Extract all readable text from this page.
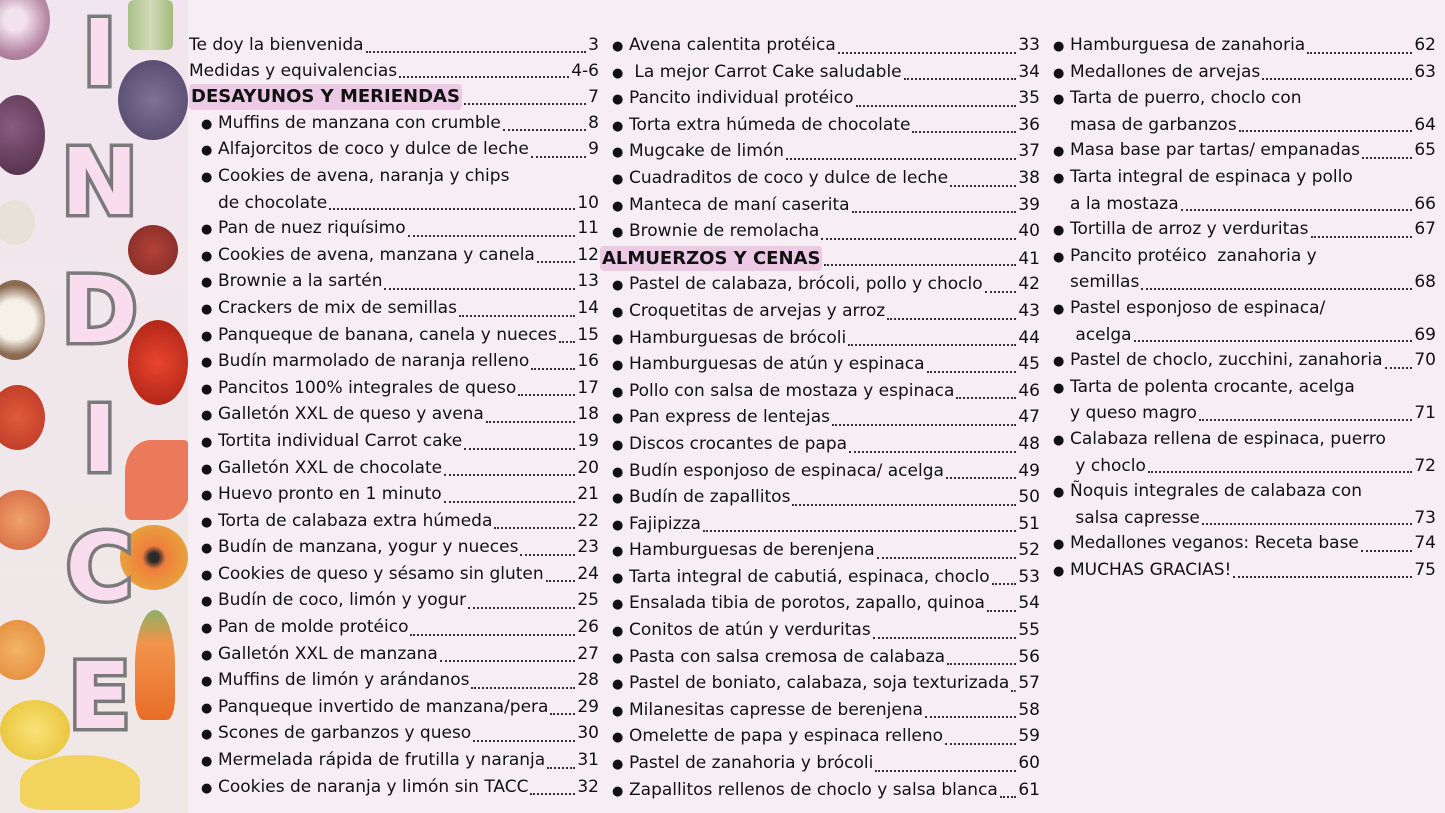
I
N
D
I
C
E
Te doy la bienvenida	3
Medidas y equivalencias	4-6
DESAYUNOS Y MERIENDAS	7
● Muffins de manzana con crumble	8
● Alfajorcitos de coco y dulce de leche	9
● Cookies de avena, naranja y chips
de chocolate	10
● Pan de nuez riquísimo	11
● Cookies de avena, manzana y canela	12
● Brownie a la sartén	13
● Crackers de mix de semillas	14
● Panqueque de banana, canela y nueces 15
● Budín marmolado de naranja relleno	16
● Pancitos 100% integrales de queso	17
● Galletón XXL de queso y avena	18
● Tortita individual Carrot cake	19
● Galletón XXL de chocolate	20
● Huevo pronto en 1 minuto	21
● Torta de calabaza extra húmeda	22
● Budín de manzana, yogur y nueces	23
● Cookies de queso y sésamo sin gluten 24
● Budín de coco, limón y yogur	25
● Pan de molde protéico	26
● Galletón XXL de manzana	27
● Muffins de limón y arándanos	28
● Panqueque invertido de manzana/pera 29
● Scones de garbanzos y queso	30
● Mermelada rápida de frutilla y naranja 31
● Cookies de naranja y limón sin TACC	32
● Avena calentita protéica	33
● La mejor Carrot Cake saludable	34
● Pancito individual protéico	35
● Torta extra húmeda de chocolate	36
● Mugcake de limón	37
● Cuadraditos de coco y dulce de leche	38
● Manteca de maní caserita	39
● Brownie de remolacha	40
ALMUERZOS Y CENAS	41
● Pastel de calabaza, brócoli, pollo y choclo 42
● Croquetitas de arvejas y arroz	43
● Hamburguesas de brócoli	44
● Hamburguesas de atún y espinaca	45
● Pollo con salsa de mostaza y espinaca	46
● Pan express de lentejas	47
● Discos crocantes de papa	48
● Budín esponjoso de espinaca/ acelga	49
● Budín de zapallitos	50
● Fajipizza	51
● Hamburguesas de berenjena	52
● Tarta integral de cabutiá, espinaca, choclo 53
● Ensalada tibia de porotos, zapallo, quinoa 54
● Conitos de atún y verduritas	55
● Pasta con salsa cremosa de calabaza	56
● Pastel de boniato, calabaza, soja texturizada 57
● Milanesitas capresse de berenjena	58
● Omelette de papa y espinaca relleno	59
● Pastel de zanahoria y brócoli	60
● Zapallitos rellenos de choclo y salsa blanca 61
● Hamburguesa de zanahoria	62
● Medallones de arvejas	63
● Tarta de puerro, choclo con
masa de garbanzos	64
● Masa base par tartas/ empanadas	65
● Tarta integral de espinaca y pollo
a la mostaza	66
● Tortilla de arroz y verduritas	67
● Pancito protéico  zanahoria y
semillas	68
● Pastel esponjoso de espinaca/
acelga	69
● Pastel de choclo, zucchini, zanahoria 70
● Tarta de polenta crocante, acelga
y queso magro	71
● Calabaza rellena de espinaca, puerro
y choclo	72
● Ñoquis integrales de calabaza con
salsa capresse	73
● Medallones veganos: Receta base	74
● MUCHAS GRACIAS!	75
